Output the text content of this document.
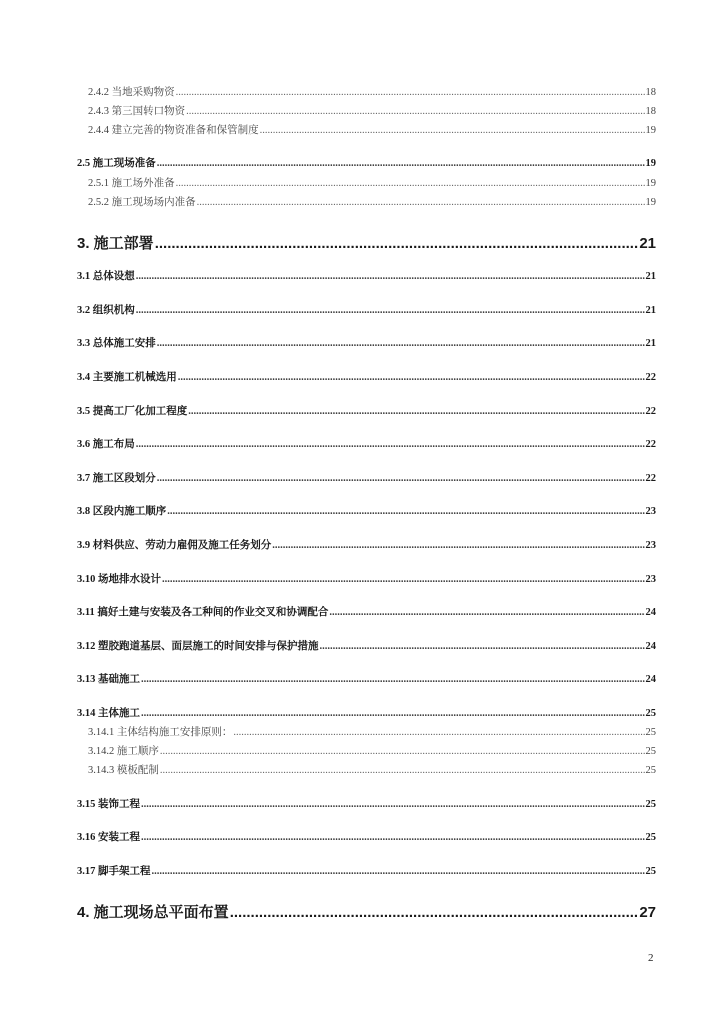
2.4.2 当地采购物资 .....	18
2.4.3 第三国转口物资 .....	18
2.4.4 建立完善的物资准备和保管制度 .....	19
2.5 施工现场准备 .....	19
2.5.1 施工场外准备 .....	19
2.5.2 施工现场场内准备 .....	19
3. 施工部署 .....	21
3.1 总体设想 .....	21
3.2 组织机构 .....	21
3.3 总体施工安排 .....	21
3.4 主要施工机械选用 .....	22
3.5 提高工厂化加工程度 .....	22
3.6 施工布局 .....	22
3.7 施工区段划分 .....	22
3.8 区段内施工顺序 .....	23
3.9 材料供应、劳动力雇佣及施工任务划分 .....	23
3.10 场地排水设计 .....	23
3.11 搞好土建与安装及各工种间的作业交叉和协调配合 .....	24
3.12 塑胶跑道基层、面层施工的时间安排与保护措施 .....	24
3.13 基础施工 .....	24
3.14 主体施工 .....	25
3.14.1 主体结构施工安排原则： .....	25
3.14.2 施工顺序 .....	25
3.14.3 模板配制 .....	25
3.15 装饰工程 .....	25
3.16 安装工程 .....	25
3.17 脚手架工程 .....	25
4. 施工现场总平面布置 .....	27
2
